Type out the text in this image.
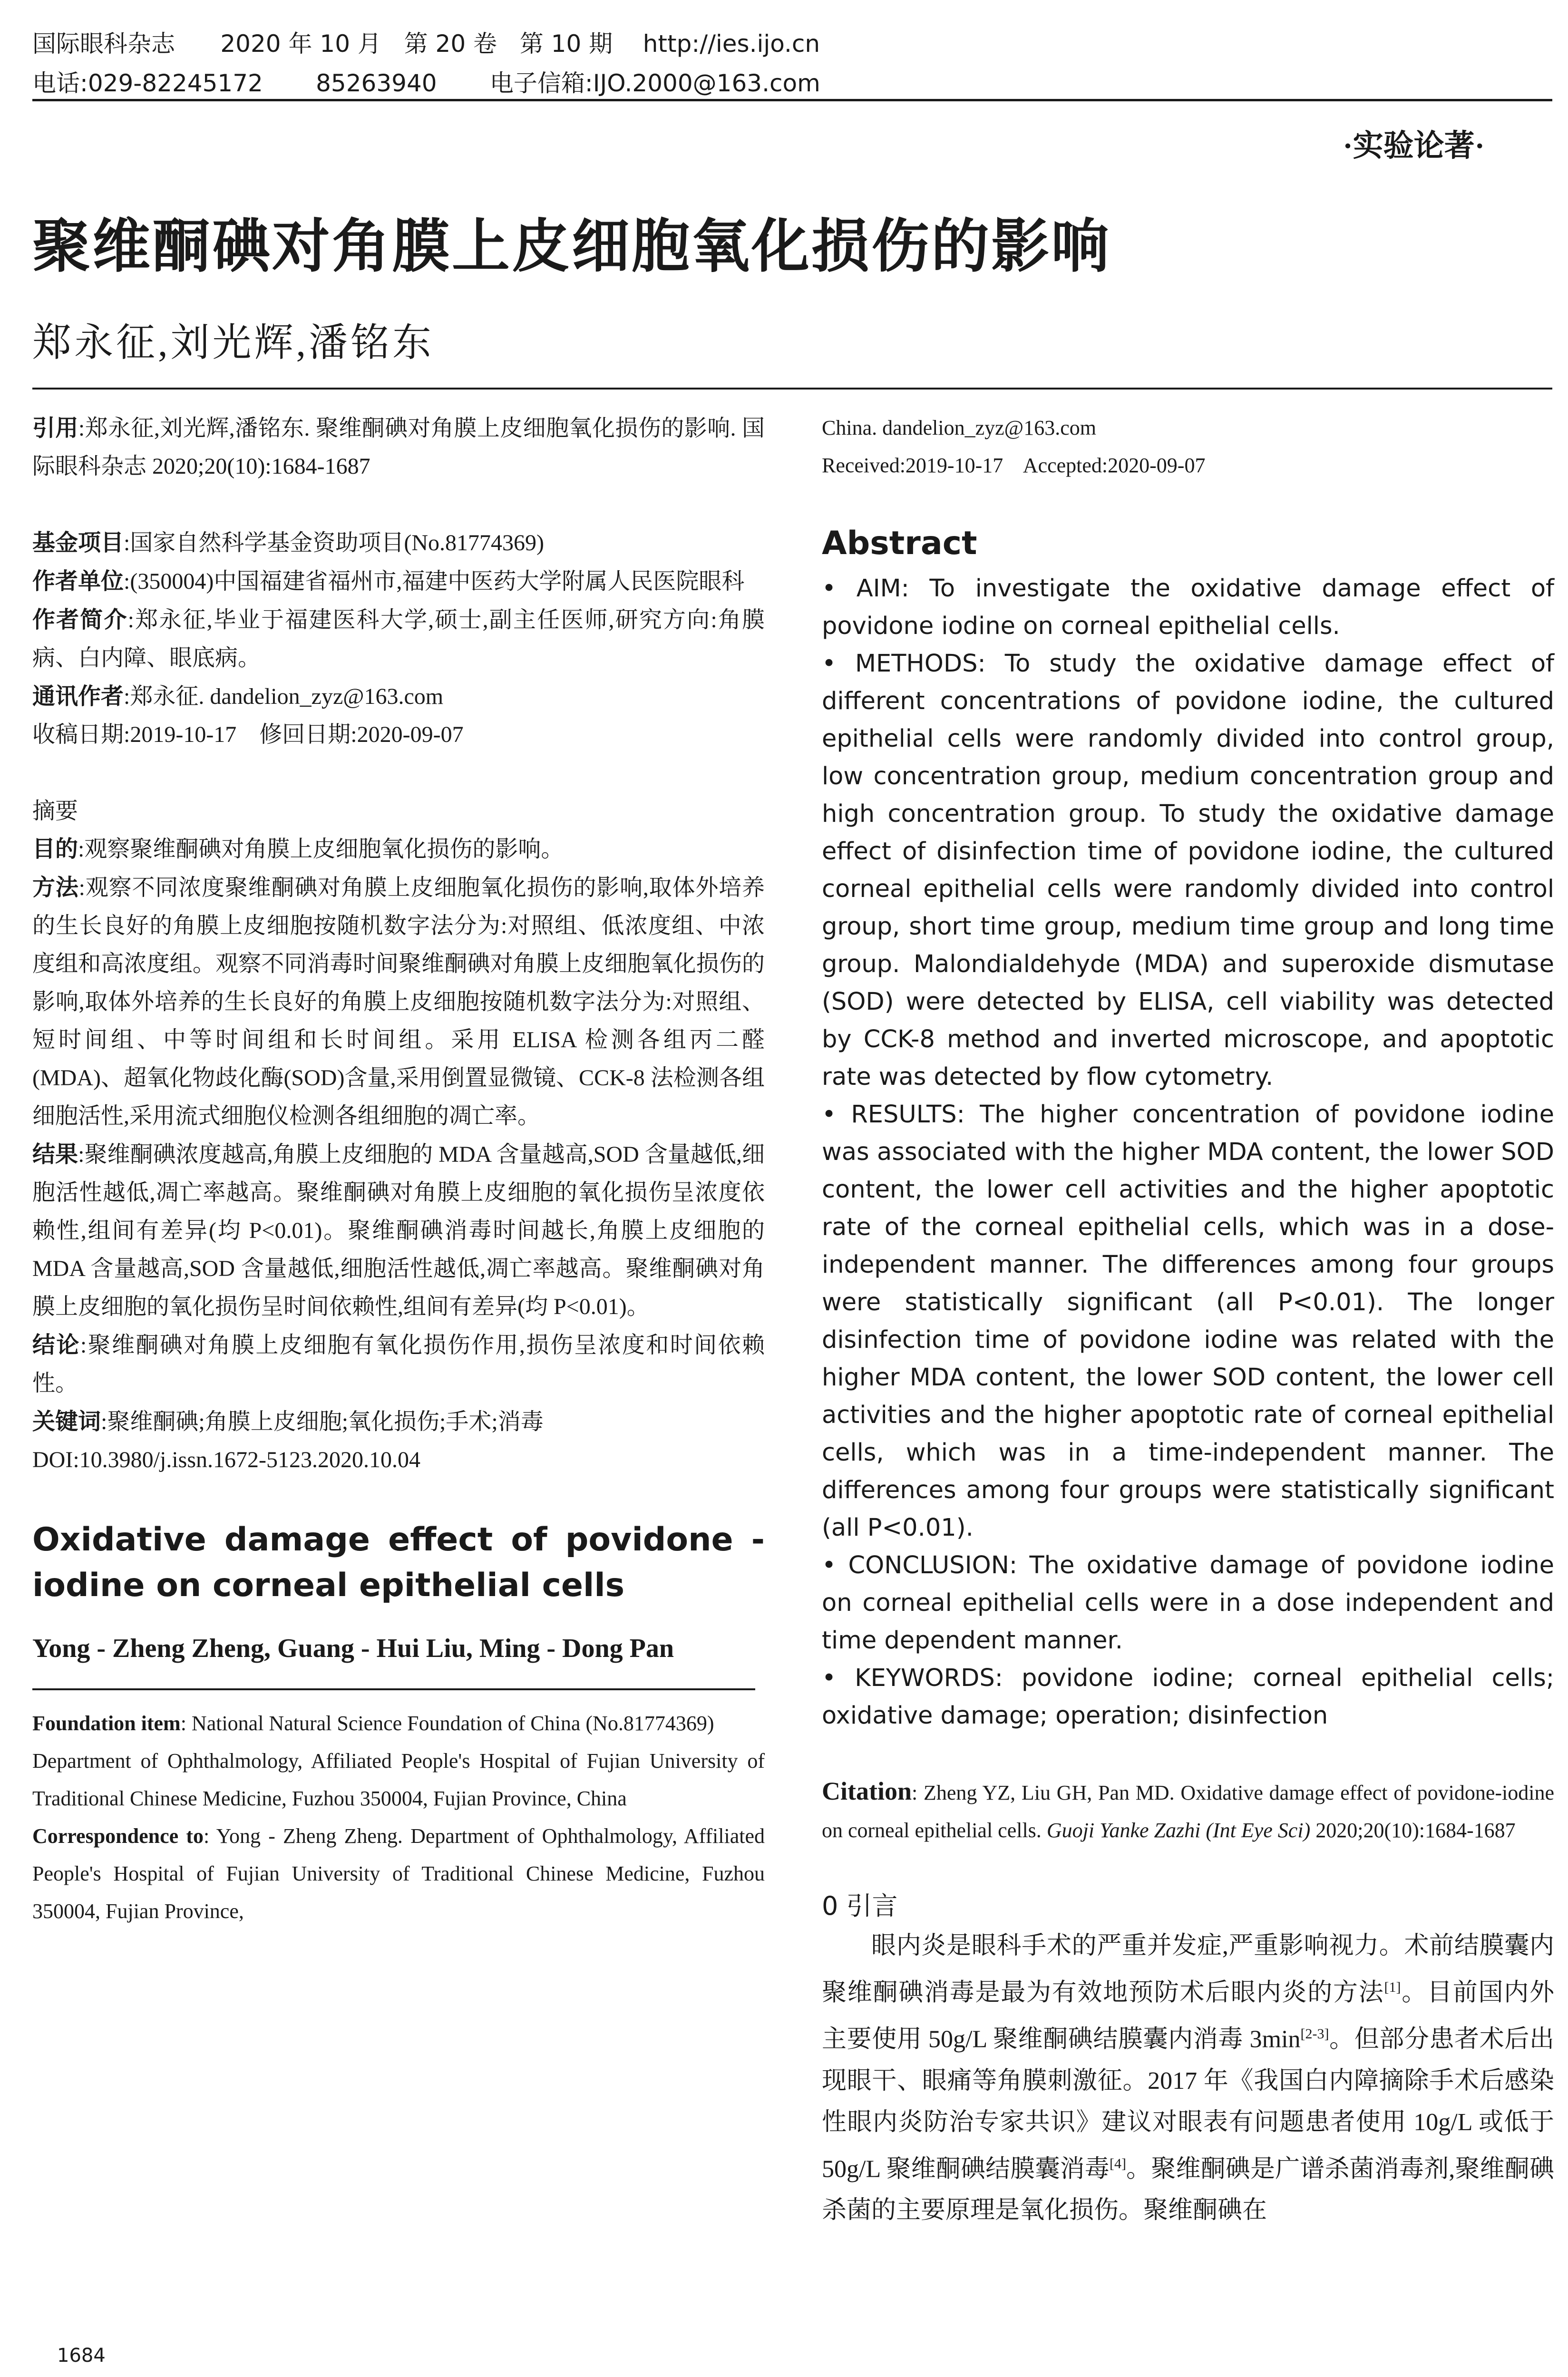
国际眼科杂志 2020 年 10 月 第 20 卷 第 10 期 http://ies.ijo.cn
电话:029-82245172 85263940 电子信箱:IJO.2000@163.com
·实验论著·
聚维酮碘对角膜上皮细胞氧化损伤的影响
郑永征,刘光辉,潘铭东

引用:郑永征,刘光辉,潘铭东. 聚维酮碘对角膜上皮细胞氧化损伤的影响. 国际眼科杂志 2020;20(10):1684-1687

基金项目:国家自然科学基金资助项目(No.81774369)

作者单位:(350004)中国福建省福州市,福建中医药大学附属人民医院眼科

作者简介:郑永征,毕业于福建医科大学,硕士,副主任医师,研究方向:角膜病、白内障、眼底病。

通讯作者:郑永征. dandelion_zyz@163.com

收稿日期:2019-10-17    修回日期:2020-09-07

摘要

目的:观察聚维酮碘对角膜上皮细胞氧化损伤的影响。

方法:观察不同浓度聚维酮碘对角膜上皮细胞氧化损伤的影响,取体外培养的生长良好的角膜上皮细胞按随机数字法分为:对照组、低浓度组、中浓度组和高浓度组。观察不同消毒时间聚维酮碘对角膜上皮细胞氧化损伤的影响,取体外培养的生长良好的角膜上皮细胞按随机数字法分为:对照组、短时间组、中等时间组和长时间组。采用 ELISA 检测各组丙二醛(MDA)、超氧化物歧化酶(SOD)含量,采用倒置显微镜、CCK-8 法检测各组细胞活性,采用流式细胞仪检测各组细胞的凋亡率。

结果:聚维酮碘浓度越高,角膜上皮细胞的 MDA 含量越高,SOD 含量越低,细胞活性越低,凋亡率越高。聚维酮碘对角膜上皮细胞的氧化损伤呈浓度依赖性,组间有差异(均 P<0.01)。聚维酮碘消毒时间越长,角膜上皮细胞的 MDA 含量越高,SOD 含量越低,细胞活性越低,凋亡率越高。聚维酮碘对角膜上皮细胞的氧化损伤呈时间依赖性,组间有差异(均 P<0.01)。

结论:聚维酮碘对角膜上皮细胞有氧化损伤作用,损伤呈浓度和时间依赖性。

关键词:聚维酮碘;角膜上皮细胞;氧化损伤;手术;消毒

DOI:10.3980/j.issn.1672-5123.2020.10.04

Oxidative damage effect of povidone - iodine on corneal epithelial cells

Yong - Zheng Zheng, Guang - Hui Liu, Ming - Dong Pan

Foundation item: National Natural Science Foundation of China (No.81774369)

Department of Ophthalmology, Affiliated People's Hospital of Fujian University of Traditional Chinese Medicine, Fuzhou 350004, Fujian Province, China

Correspondence to: Yong - Zheng Zheng. Department of Ophthalmology, Affiliated People's Hospital of Fujian University of Traditional Chinese Medicine, Fuzhou 350004, Fujian Province,

China. dandelion_zyz@163.com

Received:2019-10-17    Accepted:2020-09-07

Abstract

• AIM: To investigate the oxidative damage effect of povidone iodine on corneal epithelial cells.

• METHODS: To study the oxidative damage effect of different concentrations of povidone iodine, the cultured epithelial cells were randomly divided into control group, low concentration group, medium concentration group and high concentration group. To study the oxidative damage effect of disinfection time of povidone iodine, the cultured corneal epithelial cells were randomly divided into control group, short time group, medium time group and long time group. Malondialdehyde (MDA) and superoxide dismutase (SOD) were detected by ELISA, cell viability was detected by CCK-8 method and inverted microscope, and apoptotic rate was detected by flow cytometry.

• RESULTS: The higher concentration of povidone iodine was associated with the higher MDA content, the lower SOD content, the lower cell activities and the higher apoptotic rate of the corneal epithelial cells, which was in a dose-independent manner. The differences among four groups were statistically significant (all P<0.01). The longer disinfection time of povidone iodine was related with the higher MDA content, the lower SOD content, the lower cell activities and the higher apoptotic rate of corneal epithelial cells, which was in a time-independent manner. The differences among four groups were statistically significant (all P<0.01).

• CONCLUSION: The oxidative damage of povidone iodine on corneal epithelial cells were in a dose independent and time dependent manner.

• KEYWORDS: povidone iodine; corneal epithelial cells; oxidative damage; operation; disinfection

Citation: Zheng YZ, Liu GH, Pan MD. Oxidative damage effect of povidone-iodine on corneal epithelial cells. Guoji Yanke Zazhi (Int Eye Sci) 2020;20(10):1684-1687

0 引言

眼内炎是眼科手术的严重并发症,严重影响视力。术前结膜囊内聚维酮碘消毒是最为有效地预防术后眼内炎的方法[1]。目前国内外主要使用 50g/L 聚维酮碘结膜囊内消毒 3min[2-3]。但部分患者术后出现眼干、眼痛等角膜刺激征。2017 年《我国白内障摘除手术后感染性眼内炎防治专家共识》建议对眼表有问题患者使用 10g/L 或低于 50g/L 聚维酮碘结膜囊消毒[4]。聚维酮碘是广谱杀菌消毒剂,聚维酮碘杀菌的主要原理是氧化损伤。聚维酮碘在

1684
